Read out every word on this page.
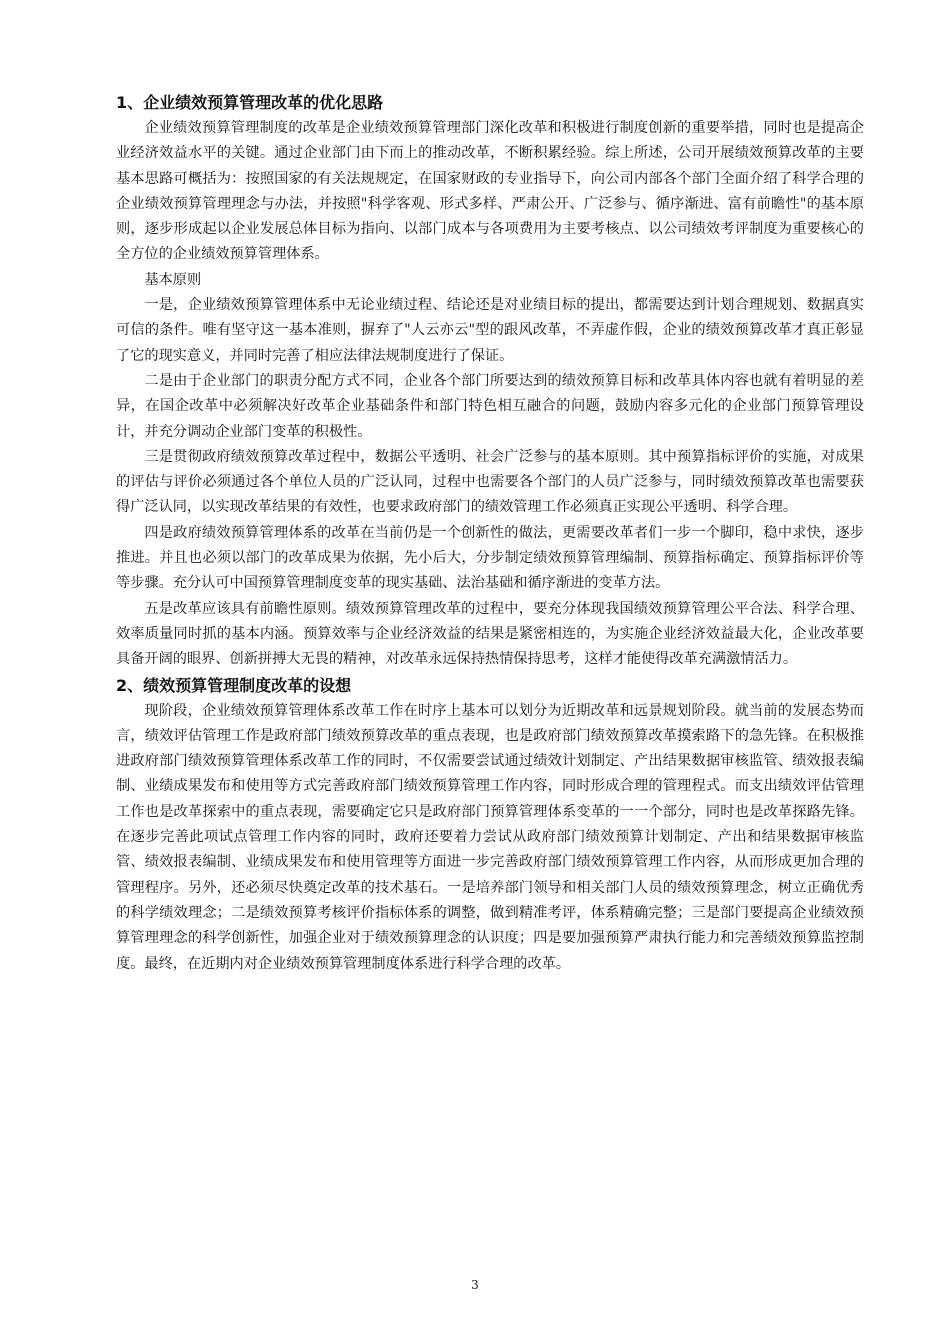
1、企业绩效预算管理改革的优化思路

企业绩效预算管理制度的改革是企业绩效预算管理部门深化改革和积极进行制度创新的重要举措，同时也是提高企业经济效益水平的关键。通过企业部门由下而上的推动改革，不断积累经验。综上所述，公司开展绩效预算改革的主要基本思路可概括为：按照国家的有关法规规定，在国家财政的专业指导下，向公司内部各个部门全面介绍了科学合理的企业绩效预算管理理念与办法，并按照"科学客观、形式多样、严肃公开、广泛参与、循序渐进、富有前瞻性"的基本原则，逐步形成起以企业发展总体目标为指向、以部门成本与各项费用为主要考核点、以公司绩效考评制度为重要核心的全方位的企业绩效预算管理体系。

基本原则

一是，企业绩效预算管理体系中无论业绩过程、结论还是对业绩目标的提出，都需要达到计划合理规划、数据真实可信的条件。唯有坚守这一基本准则，摒弃了"人云亦云"型的跟风改革，不弄虚作假，企业的绩效预算改革才真正彰显了它的现实意义，并同时完善了相应法律法规制度进行了保证。

二是由于企业部门的职责分配方式不同，企业各个部门所要达到的绩效预算目标和改革具体内容也就有着明显的差异，在国企改革中必须解决好改革企业基础条件和部门特色相互融合的问题，鼓励内容多元化的企业部门预算管理设计，并充分调动企业部门变革的积极性。

三是贯彻政府绩效预算改革过程中，数据公平透明、社会广泛参与的基本原则。其中预算指标评价的实施，对成果的评估与评价必须通过各个单位人员的广泛认同，过程中也需要各个部门的人员广泛参与，同时绩效预算改革也需要获得广泛认同，以实现改革结果的有效性，也要求政府部门的绩效管理工作必须真正实现公平透明、科学合理。

四是政府绩效预算管理体系的改革在当前仍是一个创新性的做法，更需要改革者们一步一个脚印，稳中求快，逐步推进。并且也必须以部门的改革成果为依据，先小后大，分步制定绩效预算管理编制、预算指标确定、预算指标评价等等步骤。充分认可中国预算管理制度变革的现实基础、法治基础和循序渐进的变革方法。

五是改革应该具有前瞻性原则。绩效预算管理改革的过程中，要充分体现我国绩效预算管理公平合法、科学合理、效率质量同时抓的基本内涵。预算效率与企业经济效益的结果是紧密相连的，为实施企业经济效益最大化，企业改革要具备开阔的眼界、创新拼搏大无畏的精神，对改革永远保持热情保持思考，这样才能使得改革充满激情活力。

2、绩效预算管理制度改革的设想

现阶段，企业绩效预算管理体系改革工作在时序上基本可以划分为近期改革和远景规划阶段。就当前的发展态势而言，绩效评估管理工作是政府部门绩效预算改革的重点表现，也是政府部门绩效预算改革摸索路下的急先锋。在积极推进政府部门绩效预算管理体系改革工作的同时，不仅需要尝试通过绩效计划制定、产出结果数据审核监管、绩效报表编制、业绩成果发布和使用等方式完善政府部门绩效预算管理工作内容，同时形成合理的管理程式。而支出绩效评估管理工作也是改革探索中的重点表现，需要确定它只是政府部门预算管理体系变革的一一个部分，同时也是改革探路先锋。在逐步完善此项试点管理工作内容的同时，政府还要着力尝试从政府部门绩效预算计划制定、产出和结果数据审核监管、绩效报表编制、业绩成果发布和使用管理等方面进一步完善政府部门绩效预算管理工作内容，从而形成更加合理的管理程序。另外，还必须尽快奠定改革的技术基石。一是培养部门领导和相关部门人员的绩效预算理念，树立正确优秀的科学绩效理念；二是绩效预算考核评价指标体系的调整，做到精准考评，体系精确完整；三是部门要提高企业绩效预算管理理念的科学创新性，加强企业对于绩效预算理念的认识度；四是要加强预算严肃执行能力和完善绩效预算监控制度。最终，在近期内对企业绩效预算管理制度体系进行科学合理的改革。

3
